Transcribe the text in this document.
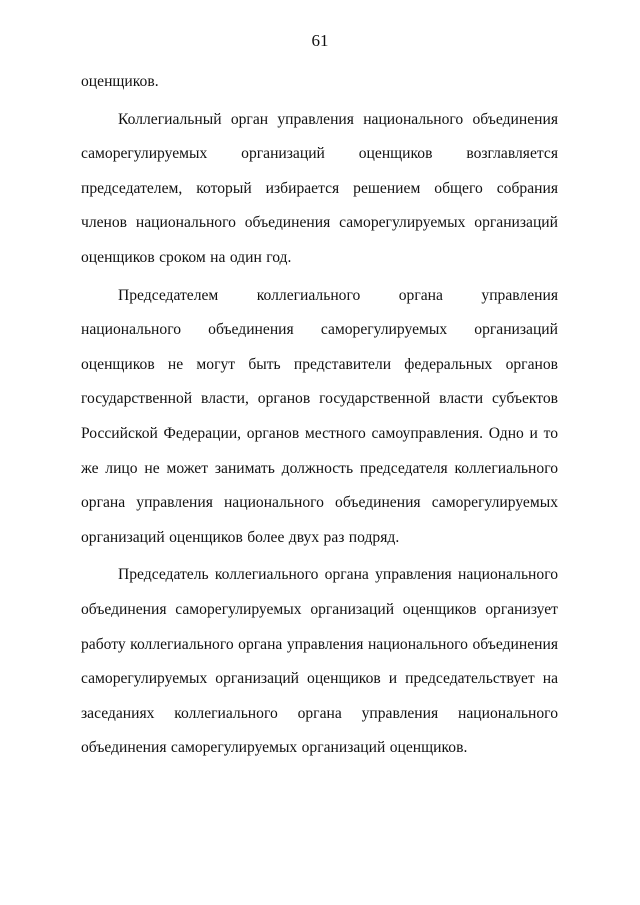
61

оценщиков.

Коллегиальный орган управления национального объединения саморегулируемых организаций оценщиков возглавляется председателем, который избирается решением общего собрания членов национального объединения саморегулируемых организаций оценщиков сроком на один год.

Председателем коллегиального органа управления национального объединения саморегулируемых организаций оценщиков не могут быть представители федеральных органов государственной власти, органов государственной власти субъектов Российской Федерации, органов местного самоуправления. Одно и то же лицо не может занимать должность председателя коллегиального органа управления национального объединения саморегулируемых организаций оценщиков более двух раз подряд.

Председатель коллегиального органа управления национального объединения саморегулируемых организаций оценщиков организует работу коллегиального органа управления национального объединения саморегулируемых организаций оценщиков и председательствует на заседаниях коллегиального органа управления национального объединения саморегулируемых организаций оценщиков.
